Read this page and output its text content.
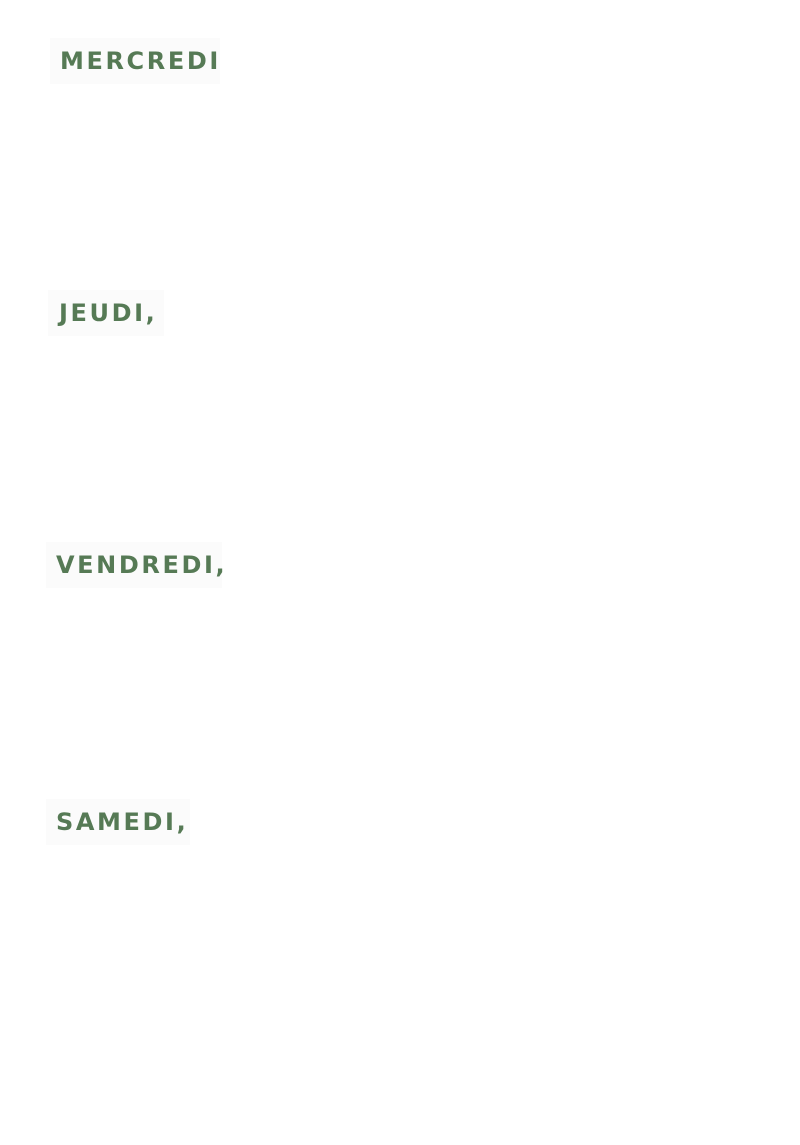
MERCREDI
JEUDI,
VENDREDI,
SAMEDI,
